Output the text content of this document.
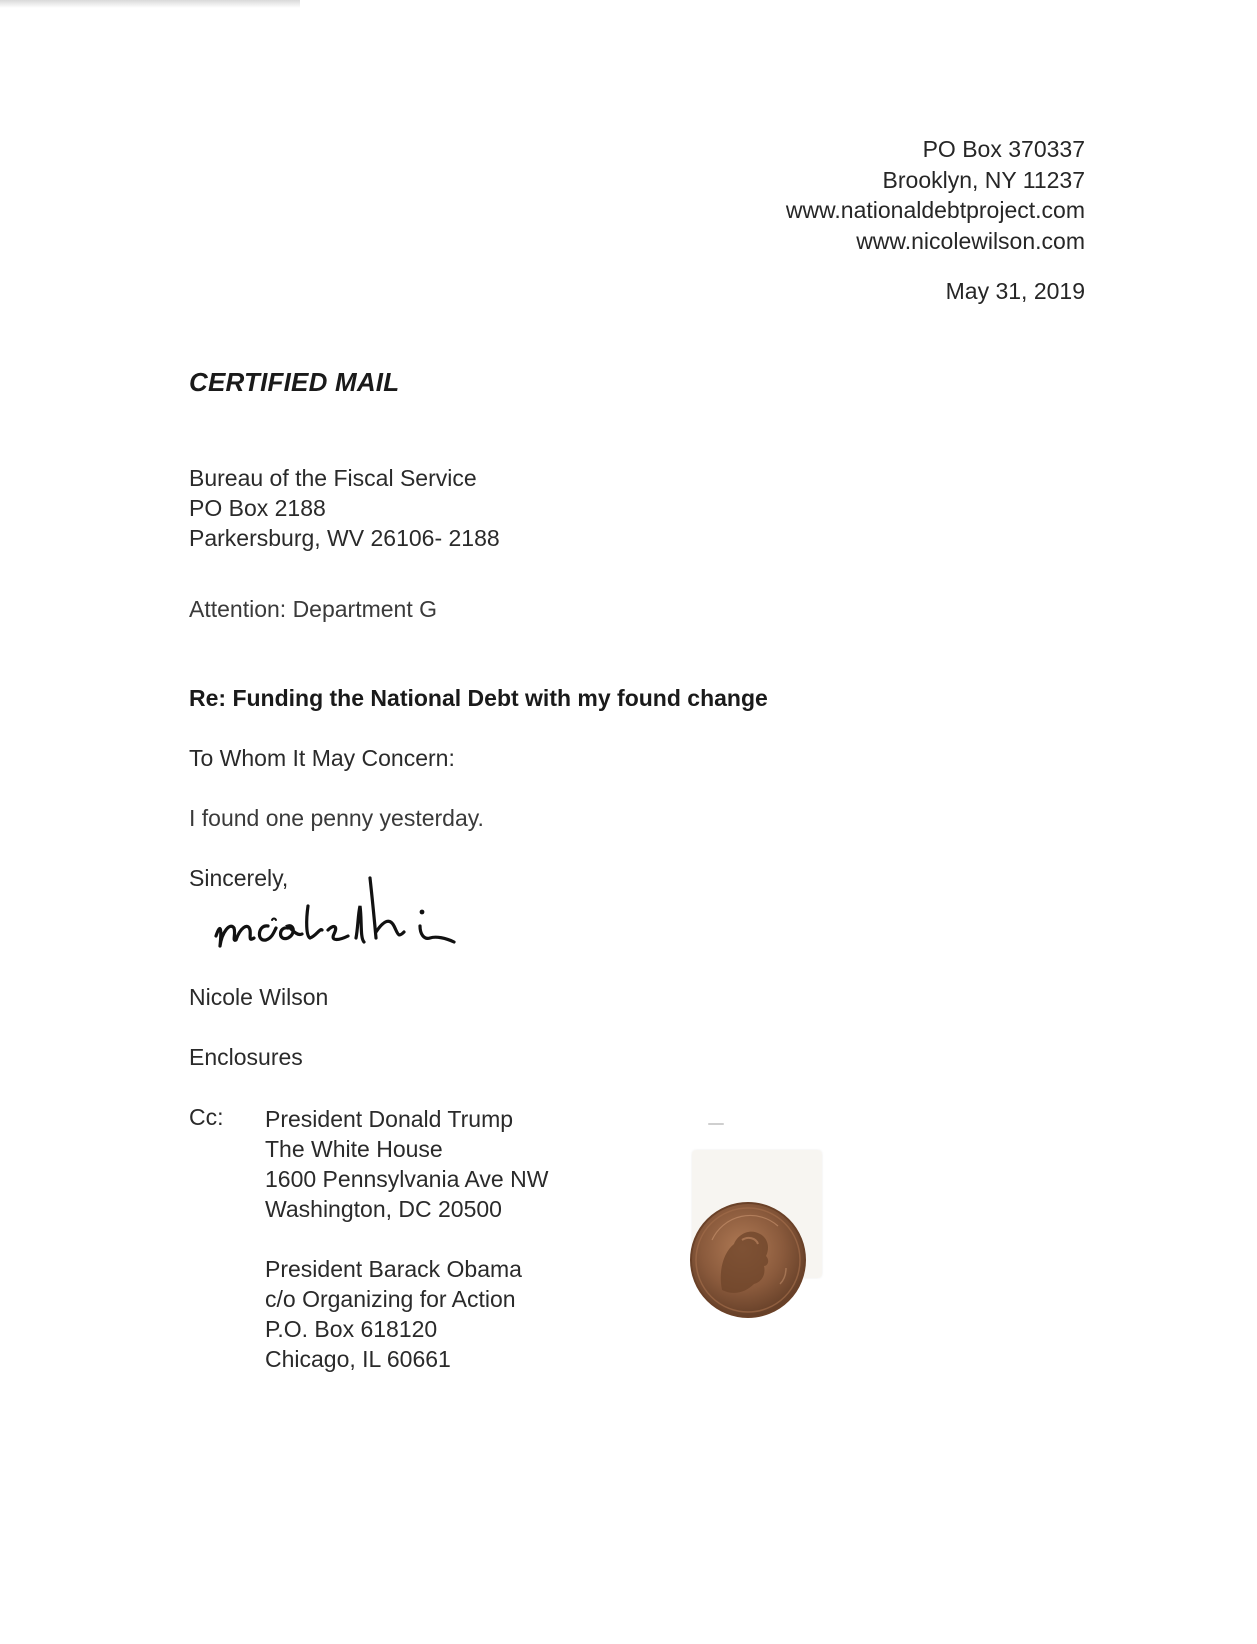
PO Box 370337
Brooklyn, NY 11237
www.nationaldebtproject.com
www.nicolewilson.com
May 31, 2019
CERTIFIED MAIL
Bureau of the Fiscal Service
PO Box 2188
Parkersburg, WV 26106- 2188
Attention: Department G
Re: Funding the National Debt with my found change
To Whom It May Concern:
I found one penny yesterday.
Sincerely,
Nicole Wilson
Enclosures
Cc: President Donald Trump
The White House
1600 Pennsylvania Ave NW
Washington, DC 20500
President Barack Obama
c/o Organizing for Action
P.O. Box 618120
Chicago, IL 60661
